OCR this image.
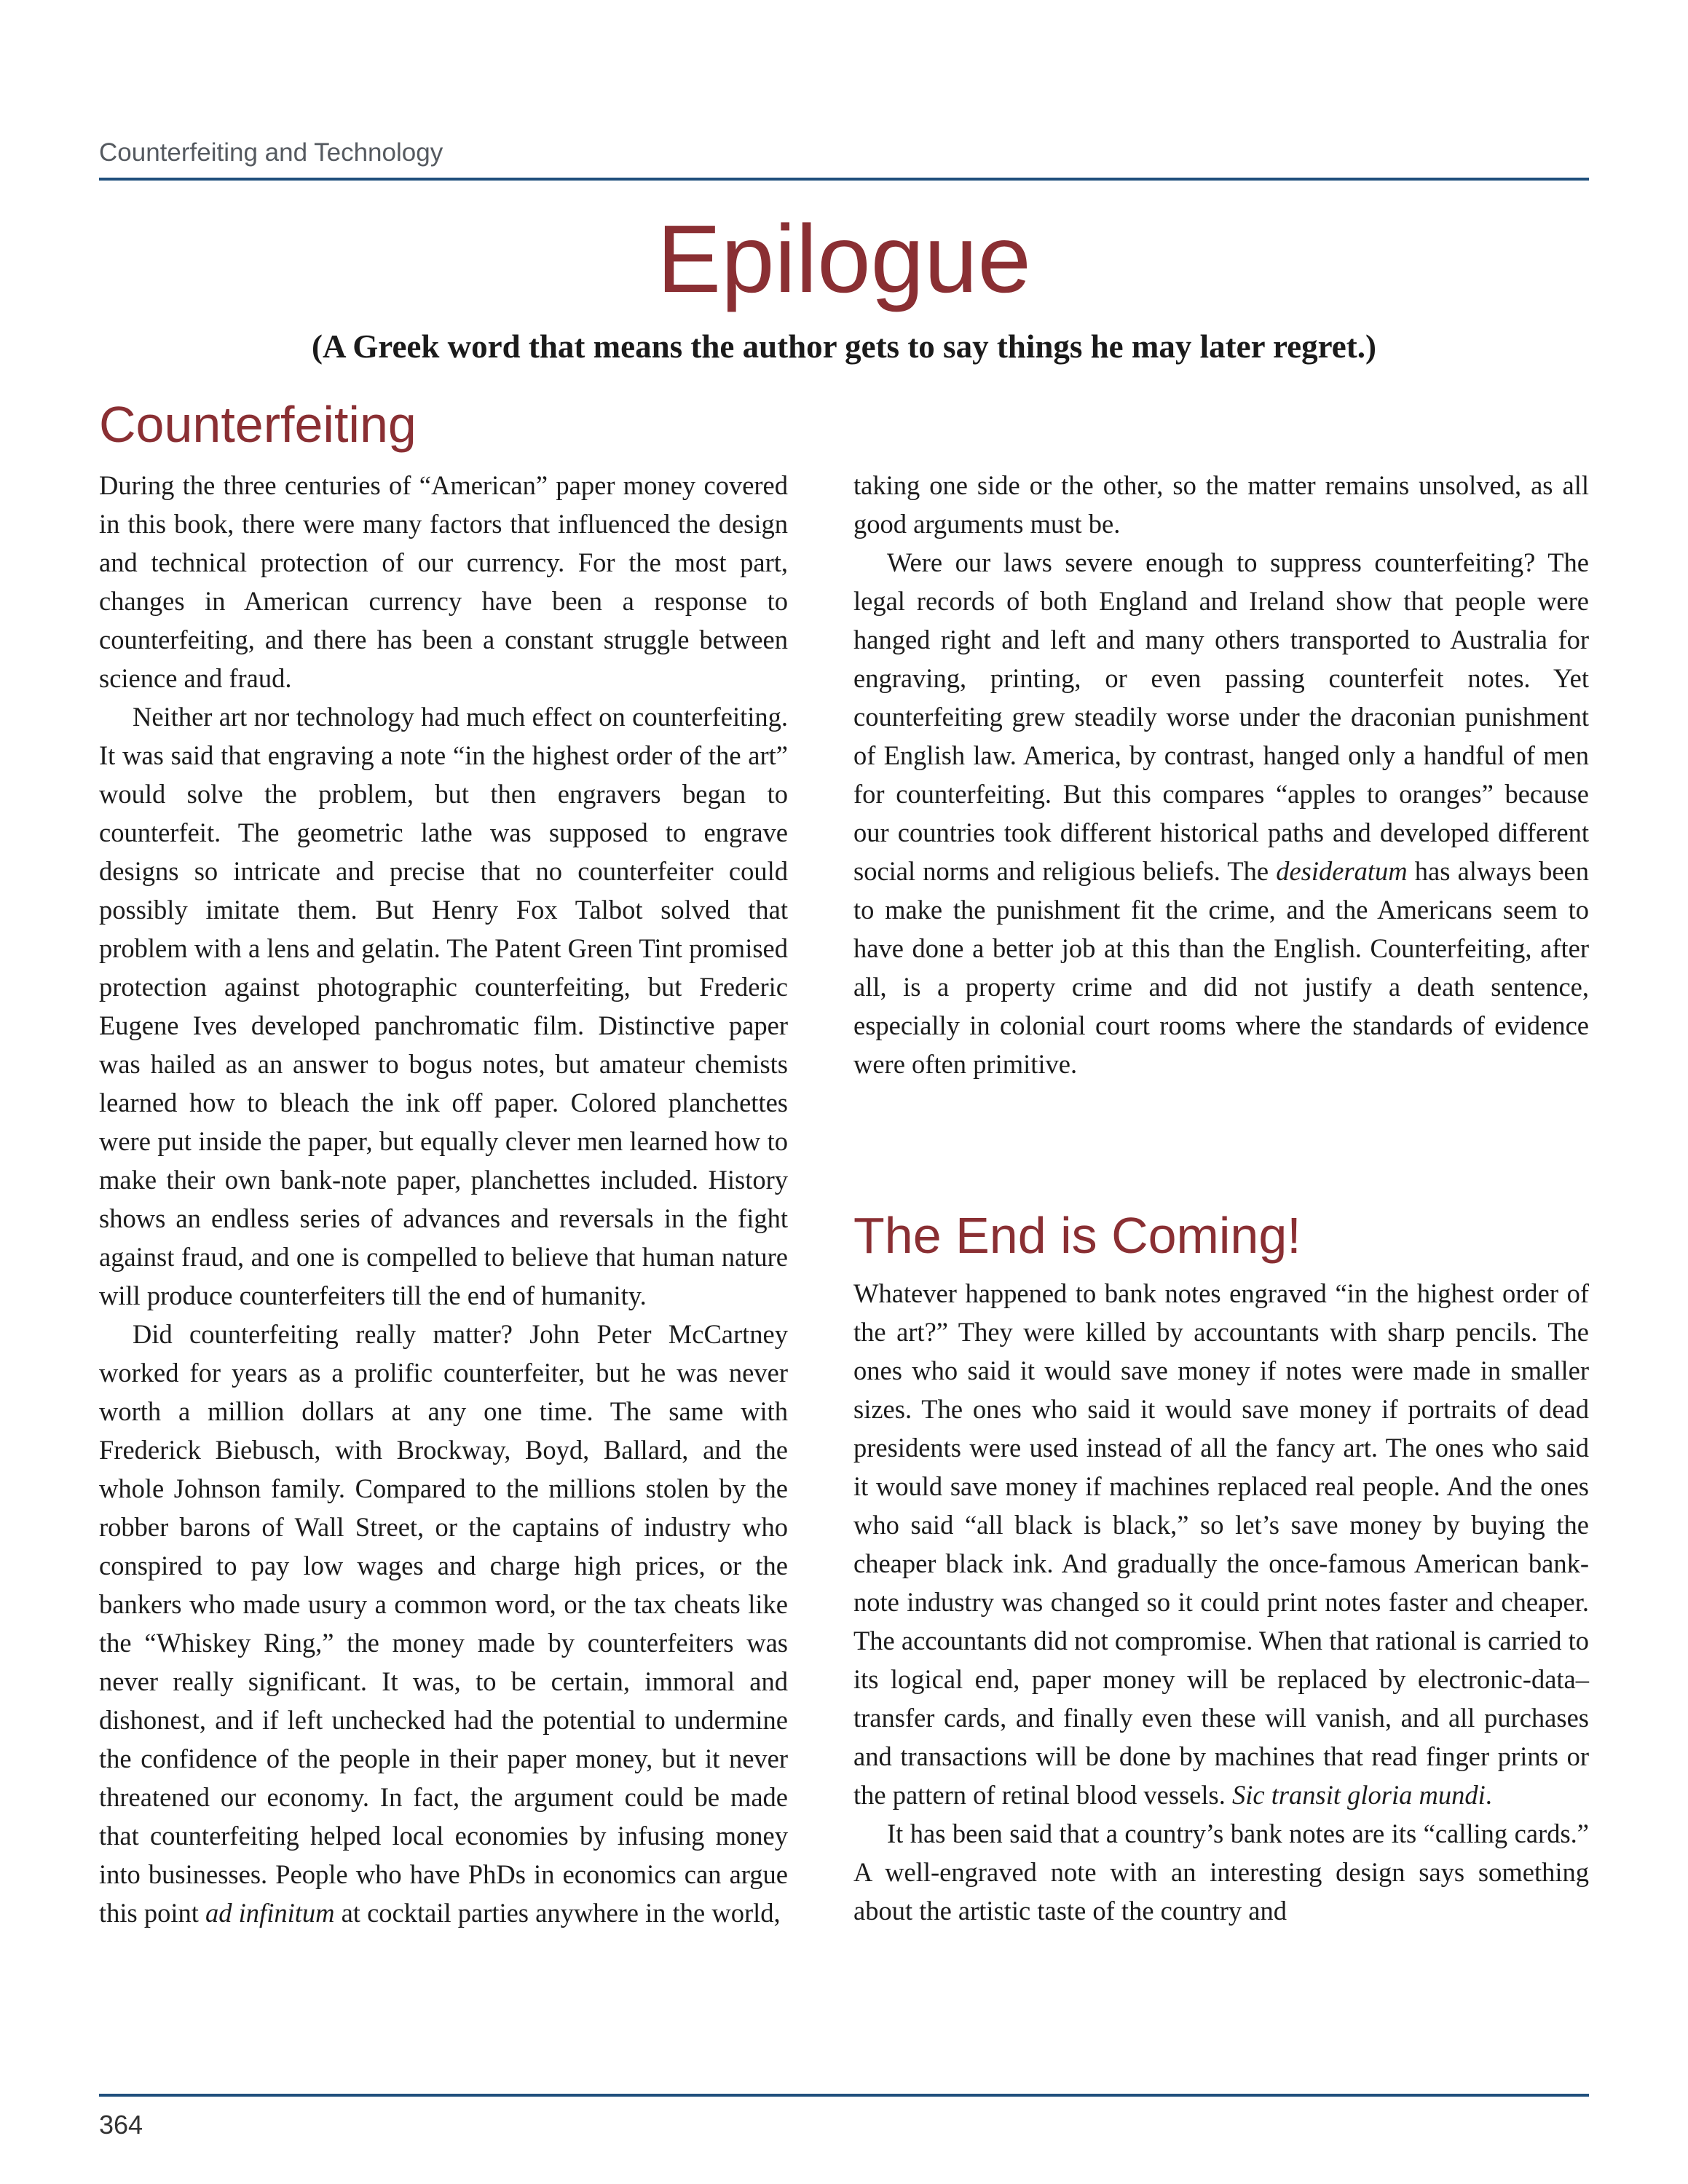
Counterfeiting and Technology
Epilogue
(A Greek word that means the author gets to say things he may later regret.)
Counterfeiting

During the three centuries of “American” paper money covered in this book, there were many factors that influenced the design and technical protection of our currency. For the most part, changes in American currency have been a response to counterfeiting, and there has been a constant struggle between science and fraud.

Neither art nor technology had much effect on counterfeiting. It was said that engraving a note “in the highest order of the art” would solve the problem, but then engravers began to counterfeit. The geometric lathe was supposed to engrave designs so intricate and precise that no counterfeiter could possibly imitate them. But Henry Fox Talbot solved that problem with a lens and gelatin. The Patent Green Tint promised protection against photographic counterfeiting, but Frederic Eugene Ives developed panchromatic film. Distinctive paper was hailed as an answer to bogus notes, but amateur chemists learned how to bleach the ink off paper. Colored planchettes were put inside the paper, but equally clever men learned how to make their own bank-note paper, planchettes included. History shows an endless series of advances and reversals in the fight against fraud, and one is compelled to believe that human nature will produce counterfeiters till the end of humanity.

Did counterfeiting really matter? John Peter McCartney worked for years as a prolific counterfeiter, but he was never worth a million dollars at any one time. The same with Frederick Biebusch, with Brockway, Boyd, Ballard, and the whole Johnson family. Compared to the millions stolen by the robber barons of Wall Street, or the captains of industry who conspired to pay low wages and charge high prices, or the bankers who made usury a common word, or the tax cheats like the “Whiskey Ring,” the money made by counterfeiters was never really significant. It was, to be certain, immoral and dishonest, and if left unchecked had the potential to undermine the confidence of the people in their paper money, but it never threatened our economy. In fact, the argument could be made that counterfeiting helped local economies by infusing money into businesses. People who have PhDs in economics can argue this point ad infinitum at cocktail parties anywhere in the world,

taking one side or the other, so the matter remains unsolved, as all good arguments must be.

Were our laws severe enough to suppress counterfeiting? The legal records of both England and Ireland show that people were hanged right and left and many others transported to Australia for engraving, printing, or even passing counterfeit notes. Yet counterfeiting grew steadily worse under the draconian punishment of English law. America, by contrast, hanged only a handful of men for counterfeiting. But this compares “apples to oranges” because our countries took different historical paths and developed different social norms and religious beliefs. The desideratum has always been to make the punishment fit the crime, and the Americans seem to have done a better job at this than the English. Counterfeiting, after all, is a property crime and did not justify a death sentence, especially in colonial court rooms where the standards of evidence were often primitive.

The End is Coming!

Whatever happened to bank notes engraved “in the highest order of the art?” They were killed by accountants with sharp pencils. The ones who said it would save money if notes were made in smaller sizes. The ones who said it would save money if portraits of dead presidents were used instead of all the fancy art. The ones who said it would save money if machines replaced real people. And the ones who said “all black is black,” so let’s save money by buying the cheaper black ink. And gradually the once-famous American bank-note industry was changed so it could print notes faster and cheaper. The accountants did not compromise. When that rational is carried to its logical end, paper money will be replaced by electronic-data–transfer cards, and finally even these will vanish, and all purchases and transactions will be done by machines that read finger prints or the pattern of retinal blood vessels. Sic transit gloria mundi.

It has been said that a country’s bank notes are its “calling cards.” A well-engraved note with an interesting design says something about the artistic taste of the country and

364
